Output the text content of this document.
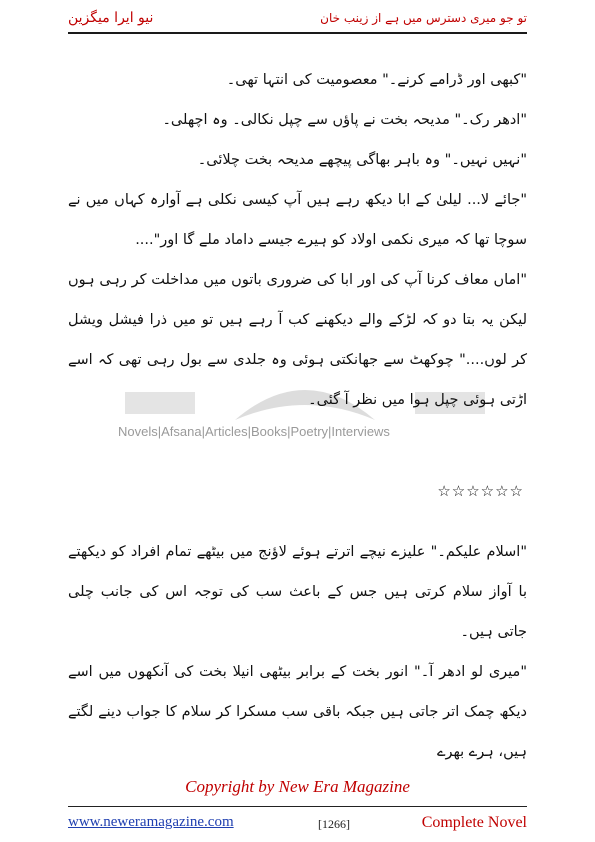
نیو ایرا میگزین	تو جو میری دسترس میں ہے از زینب خان
Novels|Afsana|Articles|Books|Poetry|Interviews

"کبھی اور ڈرامے کرنے۔" معصومیت کی انتہا تھی۔

"ادھر رک۔" مدیحہ بخت نے پاؤں سے چپل نکالی۔ وہ اچھلی۔

"نہیں نہیں۔" وہ باہر بھاگی پیچھے مدیحہ بخت چلائی۔

"جائے لا... لیلیٰ کے ابا دیکھ رہے ہیں آپ کیسی نکلی ہے آوارہ کہاں میں نے سوچا تھا کہ میری نکمی اولاد کو ہیرے جیسے داماد ملے گا اور"....

"اماں معاف کرنا آپ کی اور ابا کی ضروری باتوں میں مداخلت کر رہی ہوں لیکن یہ بتا دو کہ لڑکے والے دیکھنے کب آ رہے ہیں تو میں ذرا فیشل ویشل کر لوں...." چوکھٹ سے جھانکتی ہوئی وہ جلدی سے بول رہی تھی کہ اسے اڑتی ہوئی چپل ہوا میں نظر آ گئی۔

☆☆☆☆☆☆

"اسلام علیکم۔" علیزے نیچے اترتے ہوئے لاؤنج میں بیٹھے تمام افراد کو دیکھتے با آواز سلام کرتی ہیں جس کے باعث سب کی توجہ اس کی جانب چلی جاتی ہیں۔

"میری لو ادھر آ۔" انور بخت کے برابر بیٹھی انیلا بخت کی آنکھوں میں اسے دیکھ چمک اتر جاتی ہیں جبکہ باقی سب مسکرا کر سلام کا جواب دینے لگتے ہیں، ہرے بھرے

Copyright by New Era Magazine
www.neweramagazine.com	[1266]	Complete Novel
